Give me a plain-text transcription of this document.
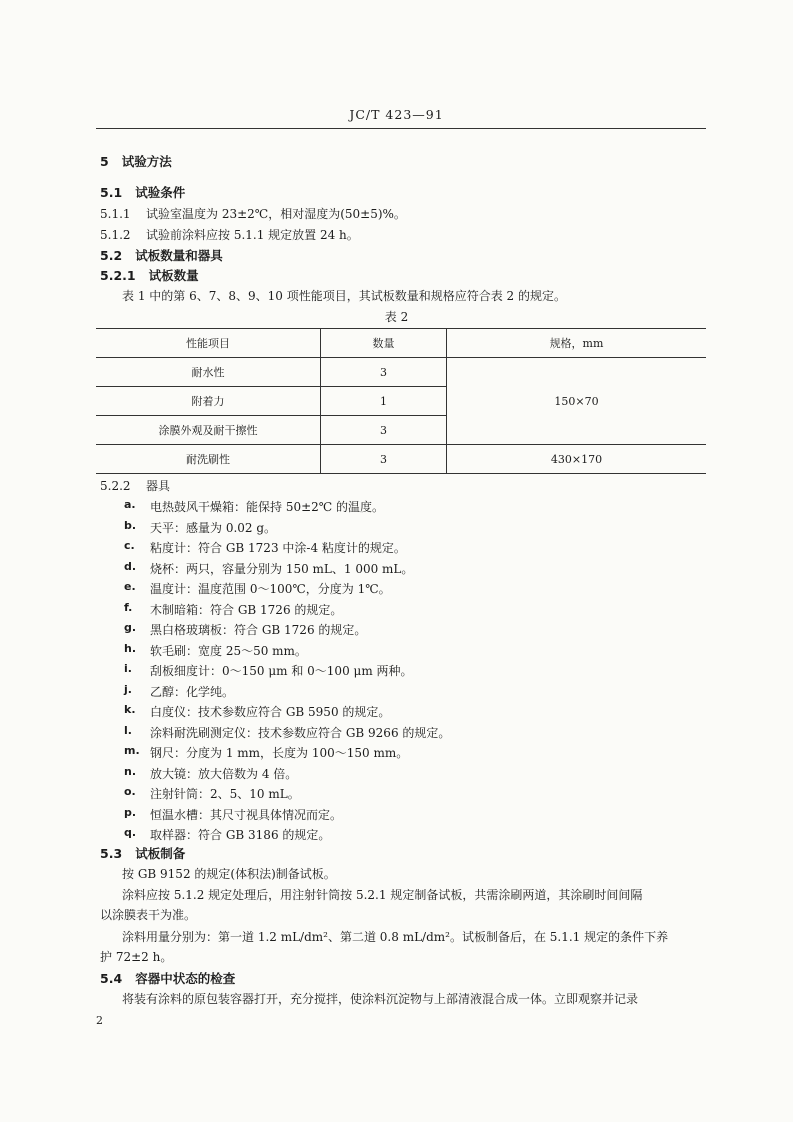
JC/T 423—91
5 试验方法
5.1 试验条件
5.1.1 试验室温度为 23±2℃，相对湿度为(50±5)%。
5.1.2 试验前涂料应按 5.1.1 规定放置 24 h。
5.2 试板数量和器具
5.2.1 试板数量
表 1 中的第 6、7、8、9、10 项性能项目，其试板数量和规格应符合表 2 的规定。
表 2
性能项目	数量	规格，mm
耐水性	3	150×70
附着力	1	
涂膜外观及耐干擦性	3	
耐洗刷性	3	430×170
5.2.2 器具
a.	电热鼓风干燥箱：能保持 50±2℃ 的温度。
b.	天平：感量为 0.02 g。
c.	粘度计：符合 GB 1723 中涂-4 粘度计的规定。
d.	烧杯：两只，容量分别为 150 mL、1 000 mL。
e.	温度计：温度范围 0～100℃，分度为 1℃。
f.	木制暗箱：符合 GB 1726 的规定。
g.	黑白格玻璃板：符合 GB 1726 的规定。
h.	软毛刷：宽度 25～50 mm。
i.	刮板细度计：0～150 μm 和 0～100 μm 两种。
j.	乙醇：化学纯。
k.	白度仪：技术参数应符合 GB 5950 的规定。
l.	涂料耐洗刷测定仪：技术参数应符合 GB 9266 的规定。
m. 钢尺：分度为 1 mm，长度为 100～150 mm。
n.	放大镜：放大倍数为 4 倍。
o.	注射针筒：2、5、10 mL。
p.	恒温水槽：其尺寸视具体情况而定。
q.	取样器：符合 GB 3186 的规定。
5.3 试板制备
按 GB 9152 的规定(体积法)制备试板。
涂料应按 5.1.2 规定处理后，用注射针筒按 5.2.1 规定制备试板，共需涂刷两道，其涂刷时间间隔
以涂膜表干为准。
涂料用量分别为：第一道 1.2 mL/dm²、第二道 0.8 mL/dm²。试板制备后，在 5.1.1 规定的条件下养
护 72±2 h。
5.4 容器中状态的检查
将装有涂料的原包装容器打开，充分搅拌，使涂料沉淀物与上部清液混合成一体。立即观察并记录
2
